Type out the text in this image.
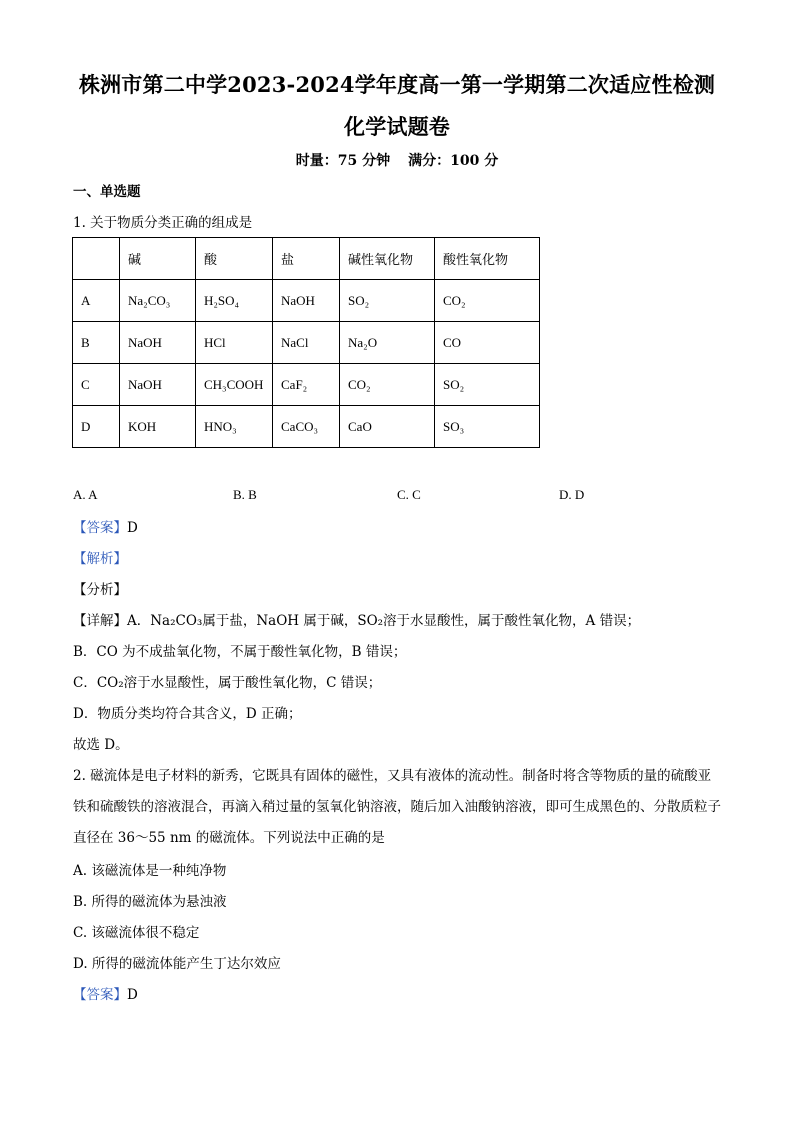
株洲市第二中学2023-2024学年度高一第一学期第二次适应性检测
化学试题卷
时量：75 分钟 满分：100 分
一、单选题
1. 关于物质分类正确的组成是
	碱	酸	盐	碱性氧化物	酸性氧化物
A	Na₂CO₃	H₂SO₄	NaOH	SO₂	CO₂
B	NaOH	HCl	NaCl	Na₂O	CO
C	NaOH	CH₃COOH	CaF₂	CO₂	SO₂
D	KOH	HNO₃	CaCO₃	CaO	SO₃
A. A	B. B	C. C	D. D
【答案】D
【解析】
【分析】
【详解】A．Na₂CO₃属于盐，NaOH 属于碱，SO₂溶于水显酸性，属于酸性氧化物，A 错误；
B．CO 为不成盐氧化物，不属于酸性氧化物，B 错误；
C．CO₂溶于水显酸性，属于酸性氧化物，C 错误；
D．物质分类均符合其含义，D 正确；
故选 D。
2. 磁流体是电子材料的新秀，它既具有固体的磁性，又具有液体的流动性。制备时将含等物质的量的硫酸亚铁和硫酸铁的溶液混合，再滴入稍过量的氢氧化钠溶液，随后加入油酸钠溶液，即可生成黑色的、分散质粒子直径在 36～55 nm 的磁流体。下列说法中正确的是
A. 该磁流体是一种纯净物
B. 所得的磁流体为悬浊液
C. 该磁流体很不稳定
D. 所得的磁流体能产生丁达尔效应
【答案】D
